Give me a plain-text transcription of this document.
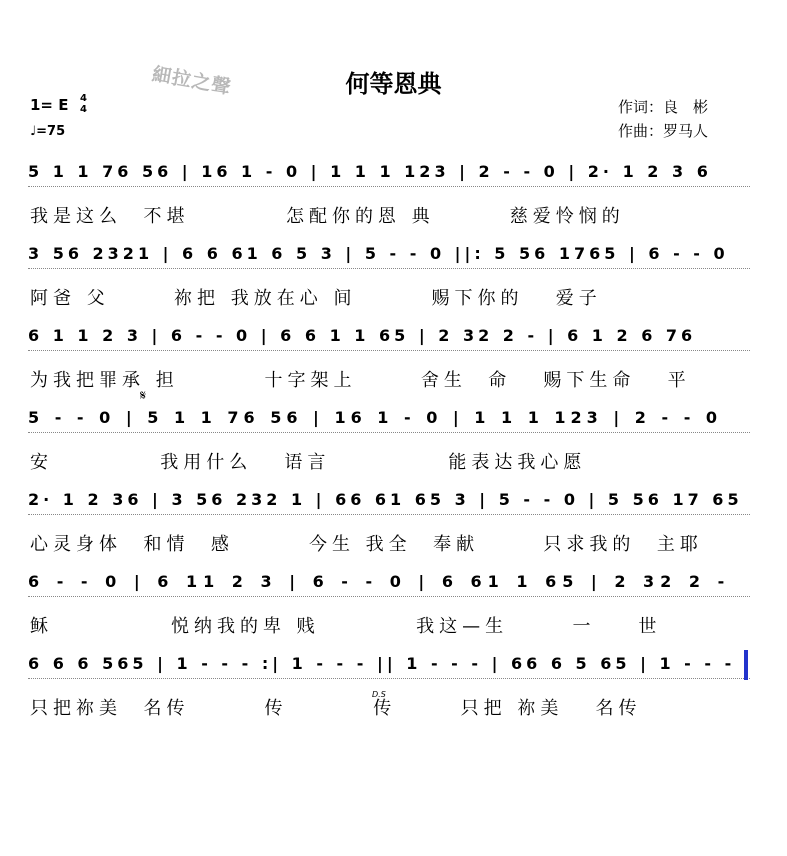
細拉之聲	何等恩典
1= E 4
4
♩=75
作词：良　彬
作曲：罗马人
5 1 1 76 56 | 16 1 - 0 | 1 1 1 123 | 2 - - 0 | 2· 1 2 3 6
我是这么  不堪         怎配你的恩 典       慈爱怜悯的
3 56 2321 | 6 6 61 6 5 3 | 5 - - 0 ||: 5 56 1765 | 6 - - 0
阿爸 父      祢把 我放在心 间       赐下你的   爱子
6 1 1 2 3 | 6 - - 0 | 6 6 1 1 65 | 2 32 2 - | 6 1 2 6 76
为我把罪承 担        十字架上      舍生  命   赐下生命   平
𝄋
5 - - 0 | 5 1 1 76 56 | 16 1 - 0 | 1 1 1 123 | 2 - - 0
安          我用什么   语言           能表达我心愿
2· 1 2 36 | 3 56 232 1 | 66 61 65 3 | 5 - - 0 | 5 56 17 65
心灵身体  和情  感       今生 我全  奉献      只求我的  主耶
6 - - 0 | 6 11 2 3 | 6 - - 0 | 6 61 1 65 | 2 32 2 -
稣           悦纳我的卑 贱         我这—生      一    世
6 6 6 565 | 1 - - - :| 1 - - - || 1 - - - | 66 6 5 65 | 1 - - -
D.S
只把祢美  名传       传        传      只把 祢美   名传
